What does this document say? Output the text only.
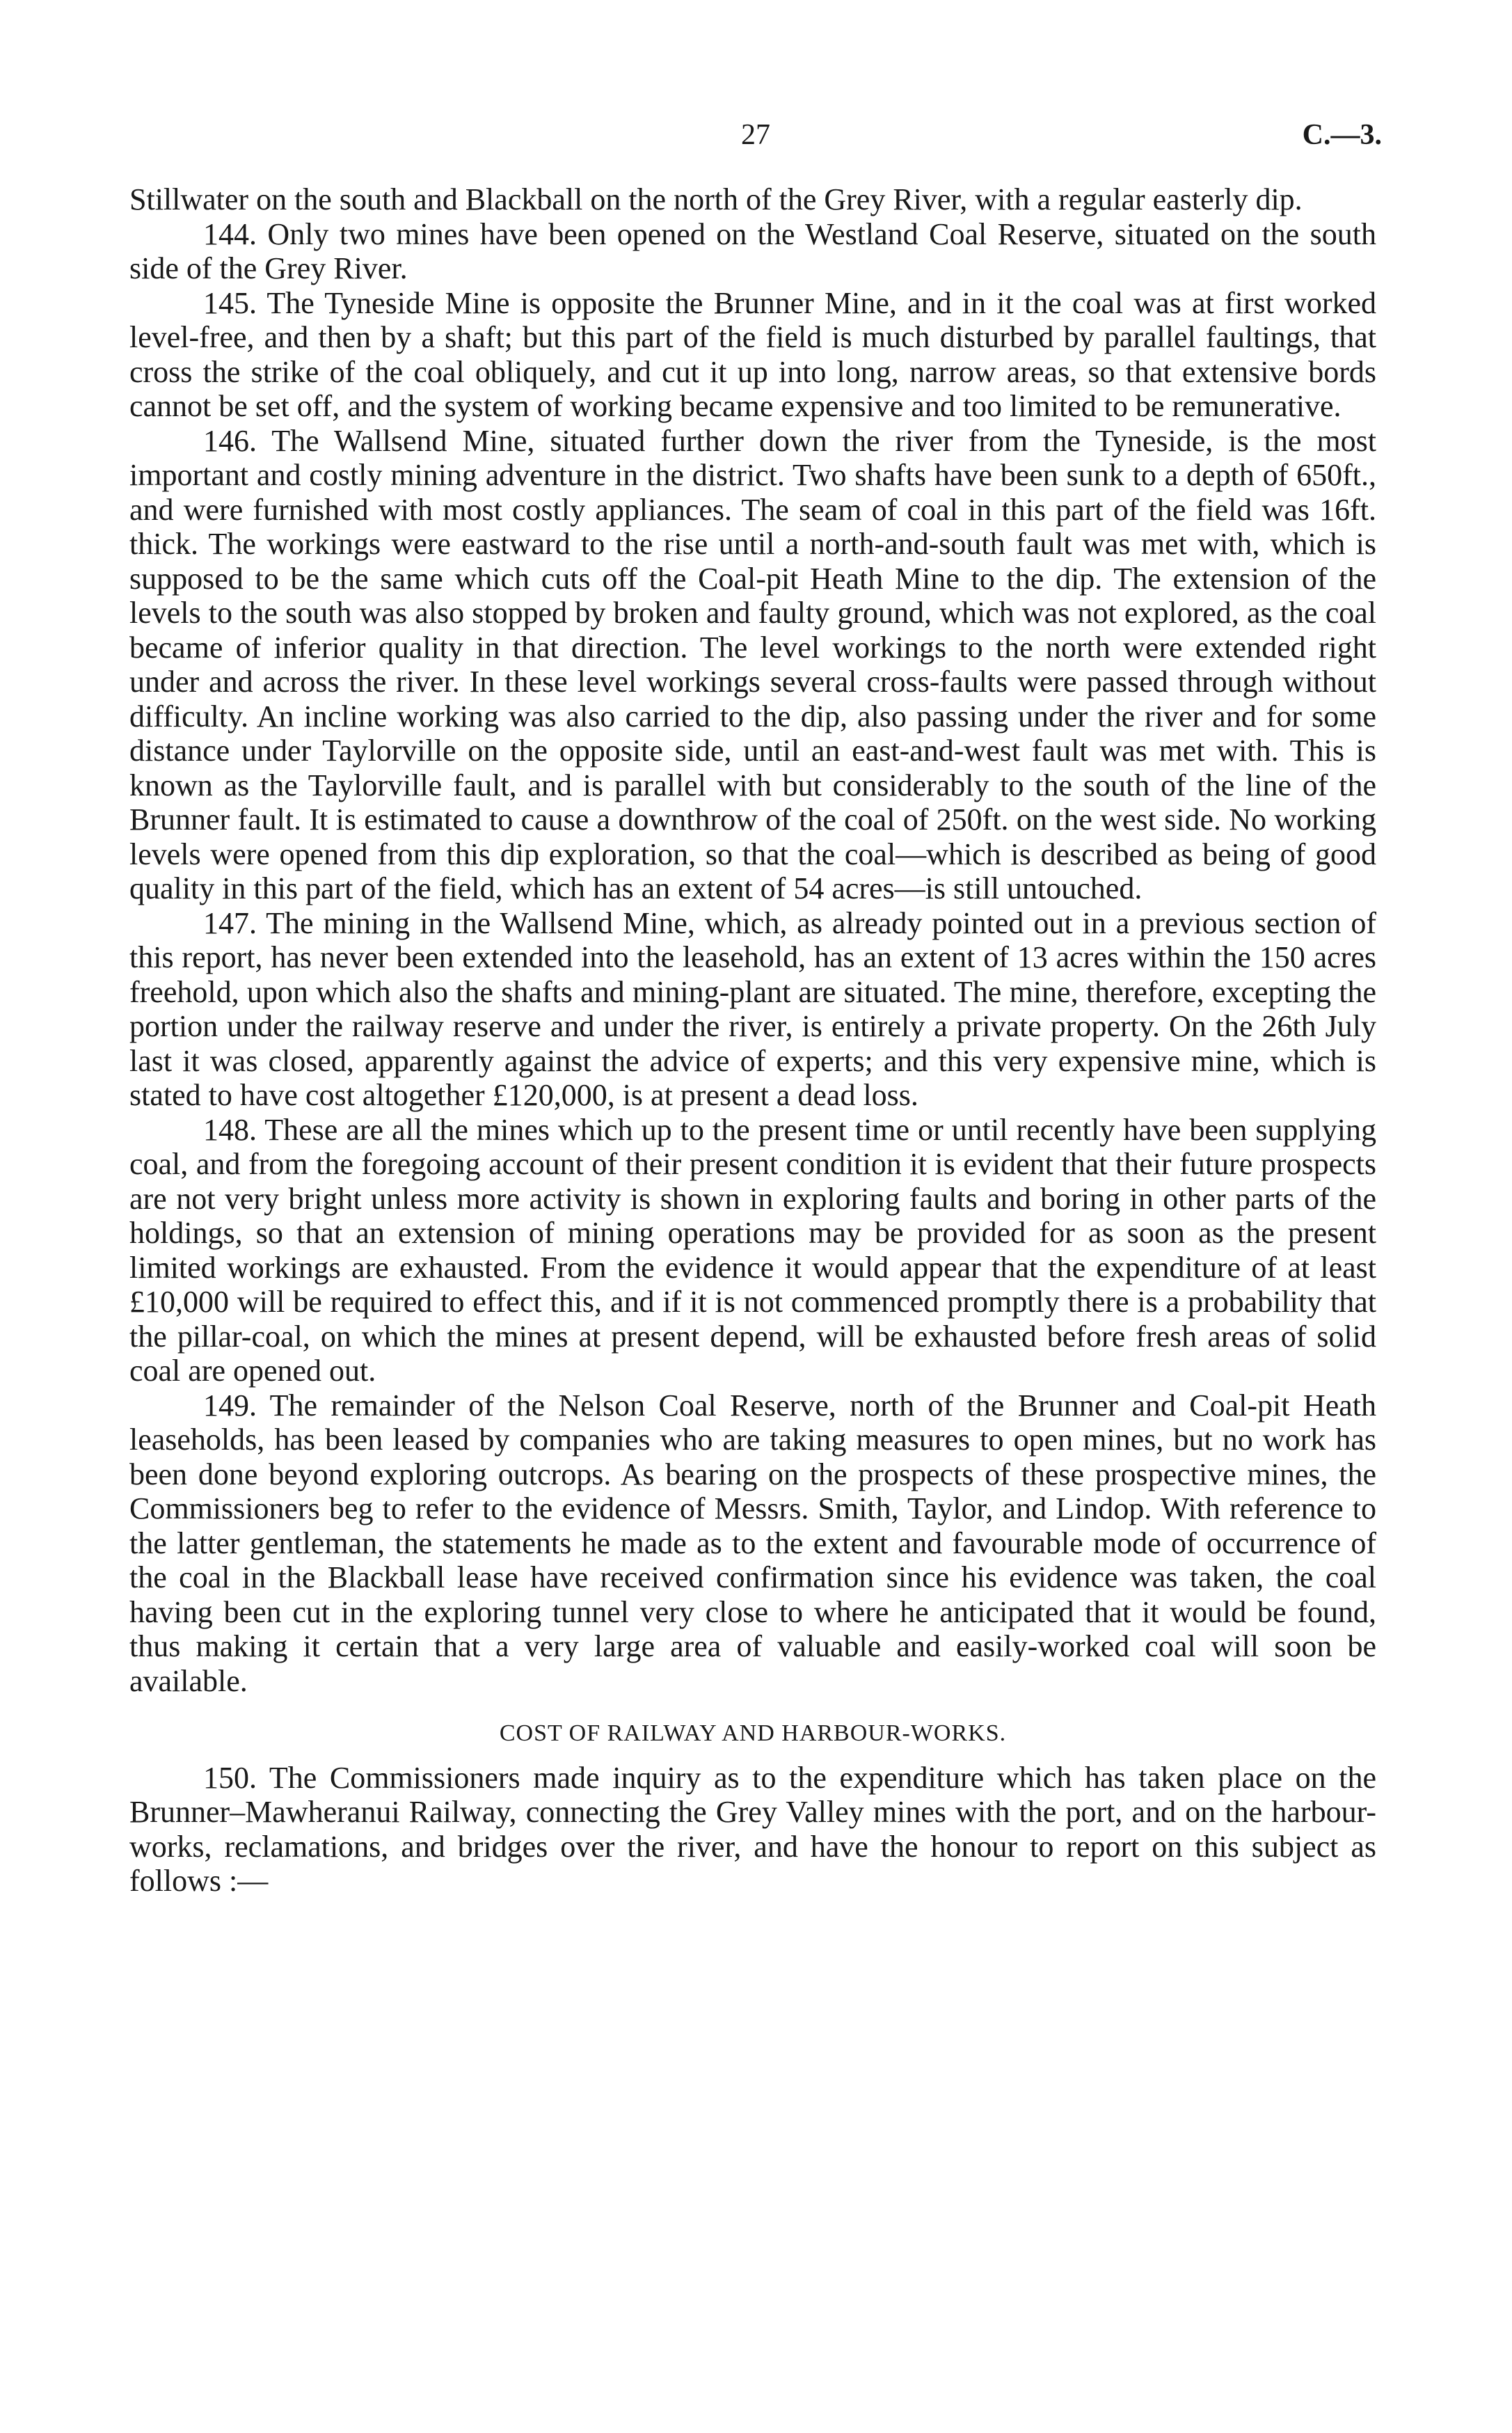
27	C.—3.

Stillwater on the south and Blackball on the north of the Grey River, with a regular easterly dip.

144. Only two mines have been opened on the Westland Coal Reserve, situated on the south side of the Grey River.

145. The Tyneside Mine is opposite the Brunner Mine, and in it the coal was at first worked level-free, and then by a shaft; but this part of the field is much disturbed by parallel faultings, that cross the strike of the coal obliquely, and cut it up into long, narrow areas, so that extensive bords cannot be set off, and the system of working became expensive and too limited to be remunerative.

146. The Wallsend Mine, situated further down the river from the Tyneside, is the most important and costly mining adventure in the district. Two shafts have been sunk to a depth of 650ft., and were furnished with most costly appliances. The seam of coal in this part of the field was 16ft. thick. The workings were eastward to the rise until a north-and-south fault was met with, which is supposed to be the same which cuts off the Coal-pit Heath Mine to the dip. The extension of the levels to the south was also stopped by broken and faulty ground, which was not explored, as the coal became of inferior quality in that direction. The level workings to the north were extended right under and across the river. In these level workings several cross-faults were passed through without difficulty. An incline working was also carried to the dip, also passing under the river and for some distance under Taylorville on the opposite side, until an east-and-west fault was met with. This is known as the Taylorville fault, and is parallel with but considerably to the south of the line of the Brunner fault. It is estimated to cause a downthrow of the coal of 250ft. on the west side. No working levels were opened from this dip exploration, so that the coal—which is described as being of good quality in this part of the field, which has an extent of 54 acres—is still untouched.

147. The mining in the Wallsend Mine, which, as already pointed out in a previous section of this report, has never been extended into the leasehold, has an extent of 13 acres within the 150 acres freehold, upon which also the shafts and mining-plant are situated. The mine, therefore, excepting the portion under the railway reserve and under the river, is entirely a private property. On the 26th July last it was closed, apparently against the advice of experts; and this very expensive mine, which is stated to have cost altogether £120,000, is at present a dead loss.

148. These are all the mines which up to the present time or until recently have been supplying coal, and from the foregoing account of their present condition it is evident that their future prospects are not very bright unless more activity is shown in exploring faults and boring in other parts of the holdings, so that an extension of mining operations may be provided for as soon as the present limited workings are exhausted. From the evidence it would appear that the expenditure of at least £10,000 will be required to effect this, and if it is not commenced promptly there is a probability that the pillar-coal, on which the mines at present depend, will be exhausted before fresh areas of solid coal are opened out.

149. The remainder of the Nelson Coal Reserve, north of the Brunner and Coal-pit Heath leaseholds, has been leased by companies who are taking measures to open mines, but no work has been done beyond exploring outcrops. As bearing on the prospects of these prospective mines, the Commissioners beg to refer to the evidence of Messrs. Smith, Taylor, and Lindop. With reference to the latter gentleman, the statements he made as to the extent and favourable mode of occurrence of the coal in the Blackball lease have received confirmation since his evidence was taken, the coal having been cut in the exploring tunnel very close to where he anticipated that it would be found, thus making it certain that a very large area of valuable and easily-worked coal will soon be available.

COST OF RAILWAY AND HARBOUR-WORKS.

150. The Commissioners made inquiry as to the expenditure which has taken place on the Brunner–Mawheranui Railway, connecting the Grey Valley mines with the port, and on the harbour-works, reclamations, and bridges over the river, and have the honour to report on this subject as follows :—
